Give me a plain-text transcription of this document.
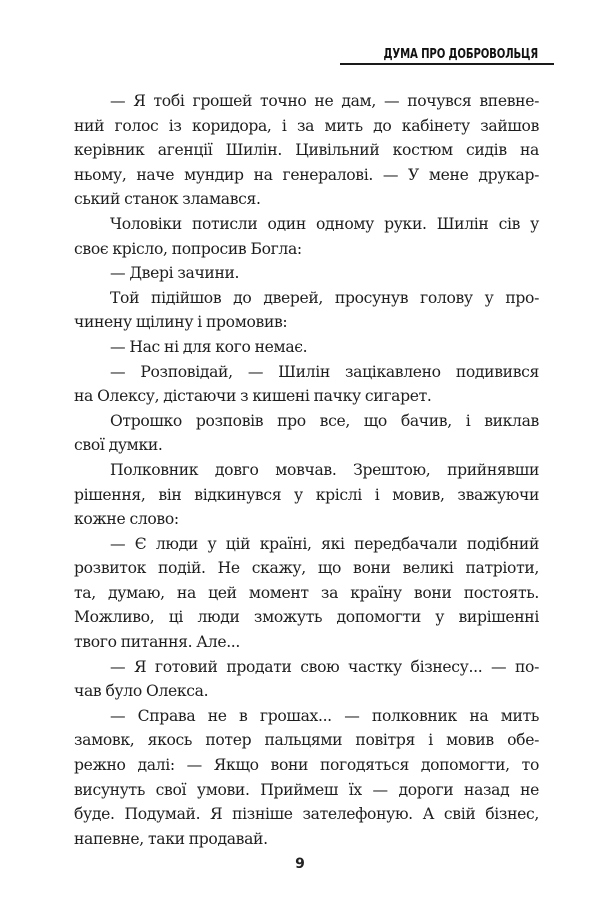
ДУМА ПРО ДОБРОВОЛЬЦЯ
— Я тобі грошей точно не дам, — почувся впевне-
ний голос із коридора, і за мить до кабінету зайшов
керівник агенції Шилін. Цивільний костюм сидів на
ньому, наче мундир на генералові. — У мене друкар-
ський станок зламався.
Чоловіки потисли один одному руки. Шилін сів у
своє крісло, попросив Богла:
— Двері зачини.
Той підійшов до дверей, просунув голову у про-
чинену щілину і промовив:
— Нас ні для кого немає.
— Розповідай, — Шилін зацікавлено подивився
на Олексу, дістаючи з кишені пачку сигарет.
Отрошко розповів про все, що бачив, і виклав
свої думки.
Полковник довго мовчав. Зрештою, прийнявши
рішення, він відкинувся у кріслі і мовив, зважуючи
кожне слово:
— Є люди у цій країні, які передбачали подібний
розвиток подій. Не скажу, що вони великі патріоти,
та, думаю, на цей момент за країну вони постоять.
Можливо, ці люди зможуть допомогти у вирішенні
твого питання. Але...
— Я готовий продати свою частку бізнесу... — по-
чав було Олекса.
— Справа не в грошах... — полковник на мить
замовк, якось потер пальцями повітря і мовив обе-
режно далі: — Якщо вони погодяться допомогти, то
висунуть свої умови. Приймеш їх — дороги назад не
буде. Подумай. Я пізніше зателефоную. А свій бізнес,
напевне, таки продавай.
9
